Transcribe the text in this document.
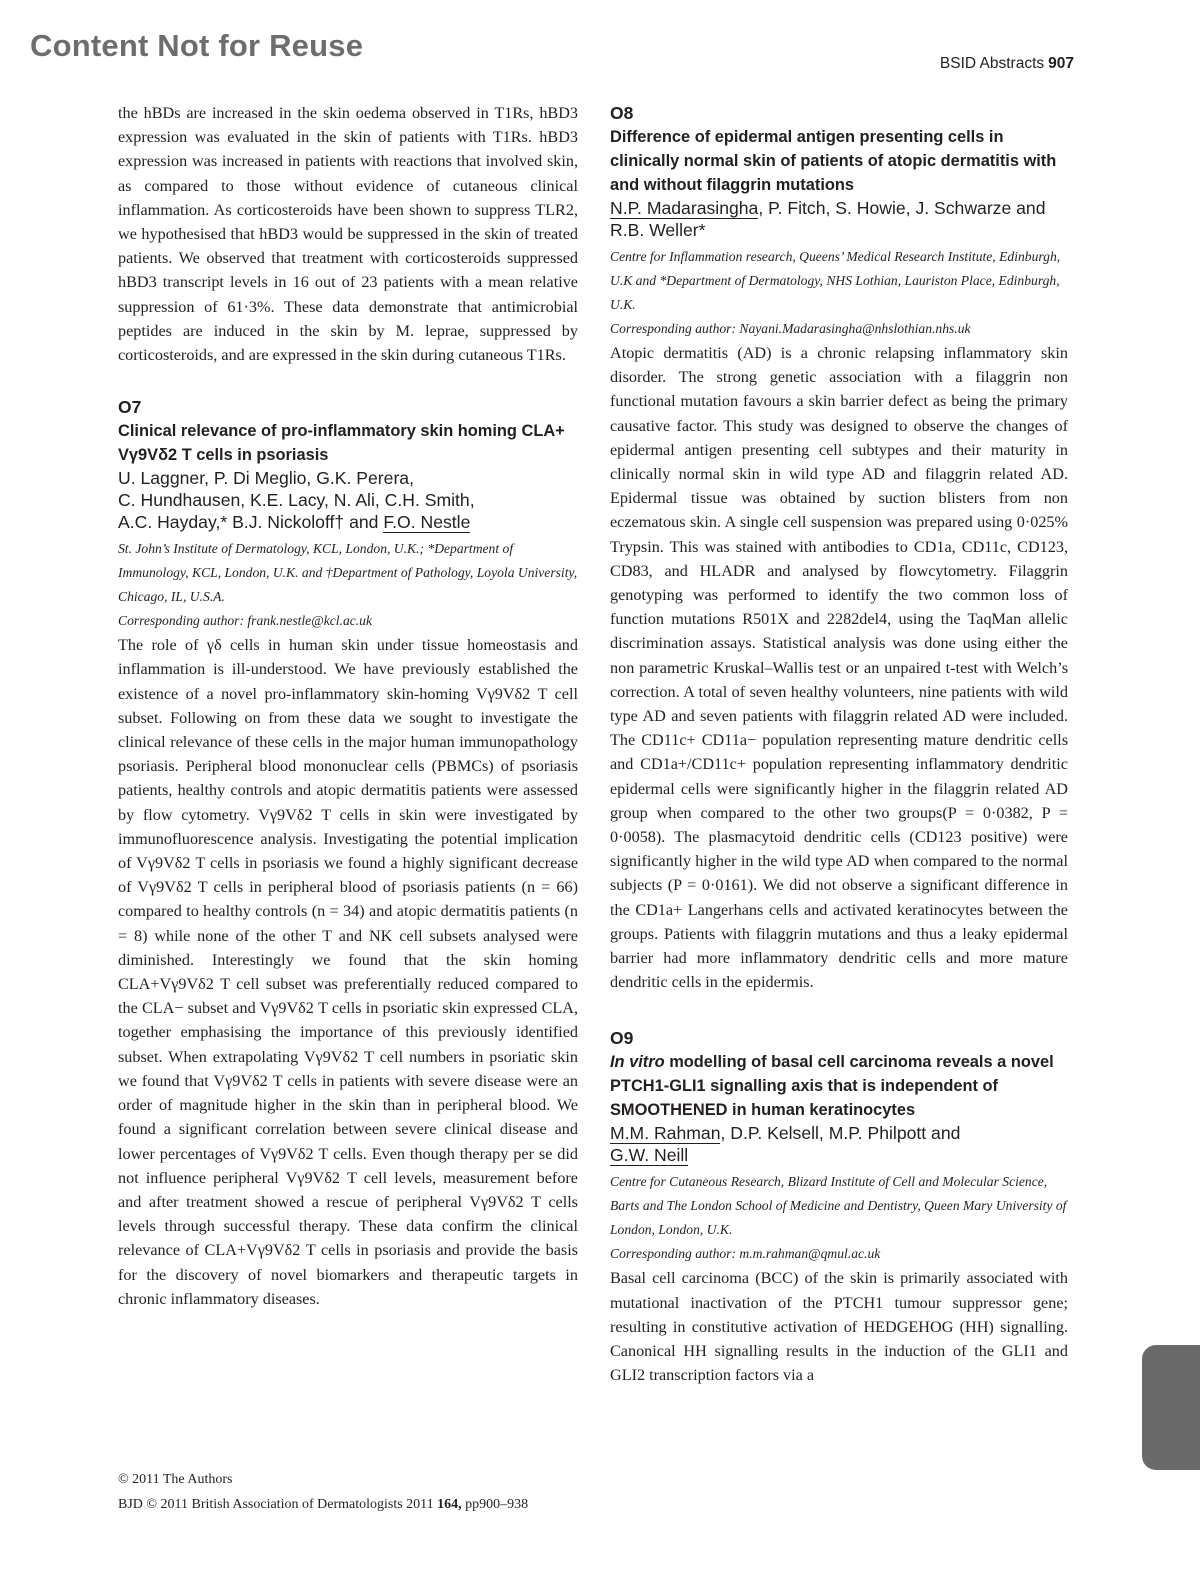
Content Not for Reuse
BSID Abstracts 907

the hBDs are increased in the skin oedema observed in T1Rs, hBD3 expression was evaluated in the skin of patients with T1Rs. hBD3 expression was increased in patients with reactions that involved skin, as compared to those without evidence of cutaneous clinical inflammation. As corticosteroids have been shown to suppress TLR2, we hypothesised that hBD3 would be suppressed in the skin of treated patients. We observed that treatment with corticosteroids suppressed hBD3 transcript levels in 16 out of 23 patients with a mean relative suppression of 61·3%. These data demonstrate that antimicrobial peptides are induced in the skin by M. leprae, suppressed by corticosteroids, and are expressed in the skin during cutaneous T1Rs.

O7

Clinical relevance of pro-inflammatory skin homing CLA+ Vγ9Vδ2 T cells in psoriasis

U. Laggner, P. Di Meglio, G.K. Perera,
C. Hundhausen, K.E. Lacy, N. Ali, C.H. Smith,
A.C. Hayday,* B.J. Nickoloff† and F.O. Nestle

St. John’s Institute of Dermatology, KCL, London, U.K.; *Department of Immunology, KCL, London, U.K. and †Department of Pathology, Loyola University, Chicago, IL, U.S.A.

Corresponding author: frank.nestle@kcl.ac.uk

The role of γδ cells in human skin under tissue homeostasis and inflammation is ill-understood. We have previously established the existence of a novel pro-inflammatory skin-homing Vγ9Vδ2 T cell subset. Following on from these data we sought to investigate the clinical relevance of these cells in the major human immunopathology psoriasis. Peripheral blood mononuclear cells (PBMCs) of psoriasis patients, healthy controls and atopic dermatitis patients were assessed by flow cytometry. Vγ9Vδ2 T cells in skin were investigated by immunofluorescence analysis. Investigating the potential implication of Vγ9Vδ2 T cells in psoriasis we found a highly significant decrease of Vγ9Vδ2 T cells in peripheral blood of psoriasis patients (n = 66) compared to healthy controls (n = 34) and atopic dermatitis patients (n = 8) while none of the other T and NK cell subsets analysed were diminished. Interestingly we found that the skin homing CLA+Vγ9Vδ2 T cell subset was preferentially reduced compared to the CLA− subset and Vγ9Vδ2 T cells in psoriatic skin expressed CLA, together emphasising the importance of this previously identified subset. When extrapolating Vγ9Vδ2 T cell numbers in psoriatic skin we found that Vγ9Vδ2 T cells in patients with severe disease were an order of magnitude higher in the skin than in peripheral blood. We found a significant correlation between severe clinical disease and lower percentages of Vγ9Vδ2 T cells. Even though therapy per se did not influence peripheral Vγ9Vδ2 T cell levels, measurement before and after treatment showed a rescue of peripheral Vγ9Vδ2 T cells levels through successful therapy. These data confirm the clinical relevance of CLA+Vγ9Vδ2 T cells in psoriasis and provide the basis for the discovery of novel biomarkers and therapeutic targets in chronic inflammatory diseases.

O8

Difference of epidermal antigen presenting cells in clinically normal skin of patients of atopic dermatitis with and without filaggrin mutations

N.P. Madarasingha, P. Fitch, S. Howie, J. Schwarze and R.B. Weller*

Centre for Inflammation research, Queens’ Medical Research Institute, Edinburgh, U.K and *Department of Dermatology, NHS Lothian, Lauriston Place, Edinburgh, U.K.

Corresponding author: Nayani.Madarasingha@nhslothian.nhs.uk

Atopic dermatitis (AD) is a chronic relapsing inflammatory skin disorder. The strong genetic association with a filaggrin non functional mutation favours a skin barrier defect as being the primary causative factor. This study was designed to observe the changes of epidermal antigen presenting cell subtypes and their maturity in clinically normal skin in wild type AD and filaggrin related AD. Epidermal tissue was obtained by suction blisters from non eczematous skin. A single cell suspension was prepared using 0·025% Trypsin. This was stained with antibodies to CD1a, CD11c, CD123, CD83, and HLADR and analysed by flowcytometry. Filaggrin genotyping was performed to identify the two common loss of function mutations R501X and 2282del4, using the TaqMan allelic discrimination assays. Statistical analysis was done using either the non parametric Kruskal–Wallis test or an unpaired t-test with Welch’s correction. A total of seven healthy volunteers, nine patients with wild type AD and seven patients with filaggrin related AD were included. The CD11c+ CD11a− population representing mature dendritic cells and CD1a+/CD11c+ population representing inflammatory dendritic epidermal cells were significantly higher in the filaggrin related AD group when compared to the other two groups(P = 0·0382, P = 0·0058). The plasmacytoid dendritic cells (CD123 positive) were significantly higher in the wild type AD when compared to the normal subjects (P = 0·0161). We did not observe a significant difference in the CD1a+ Langerhans cells and activated keratinocytes between the groups. Patients with filaggrin mutations and thus a leaky epidermal barrier had more inflammatory dendritic cells and more mature dendritic cells in the epidermis.

O9

In vitro modelling of basal cell carcinoma reveals a novel PTCH1-GLI1 signalling axis that is independent of SMOOTHENED in human keratinocytes

M.M. Rahman, D.P. Kelsell, M.P. Philpott and
G.W. Neill

Centre for Cutaneous Research, Blizard Institute of Cell and Molecular Science, Barts and The London School of Medicine and Dentistry, Queen Mary University of London, London, U.K.

Corresponding author: m.m.rahman@qmul.ac.uk

Basal cell carcinoma (BCC) of the skin is primarily associated with mutational inactivation of the PTCH1 tumour suppressor gene; resulting in constitutive activation of HEDGEHOG (HH) signalling. Canonical HH signalling results in the induction of the GLI1 and GLI2 transcription factors via a

© 2011 The Authors
BJD © 2011 British Association of Dermatologists 2011 164, pp900–938
